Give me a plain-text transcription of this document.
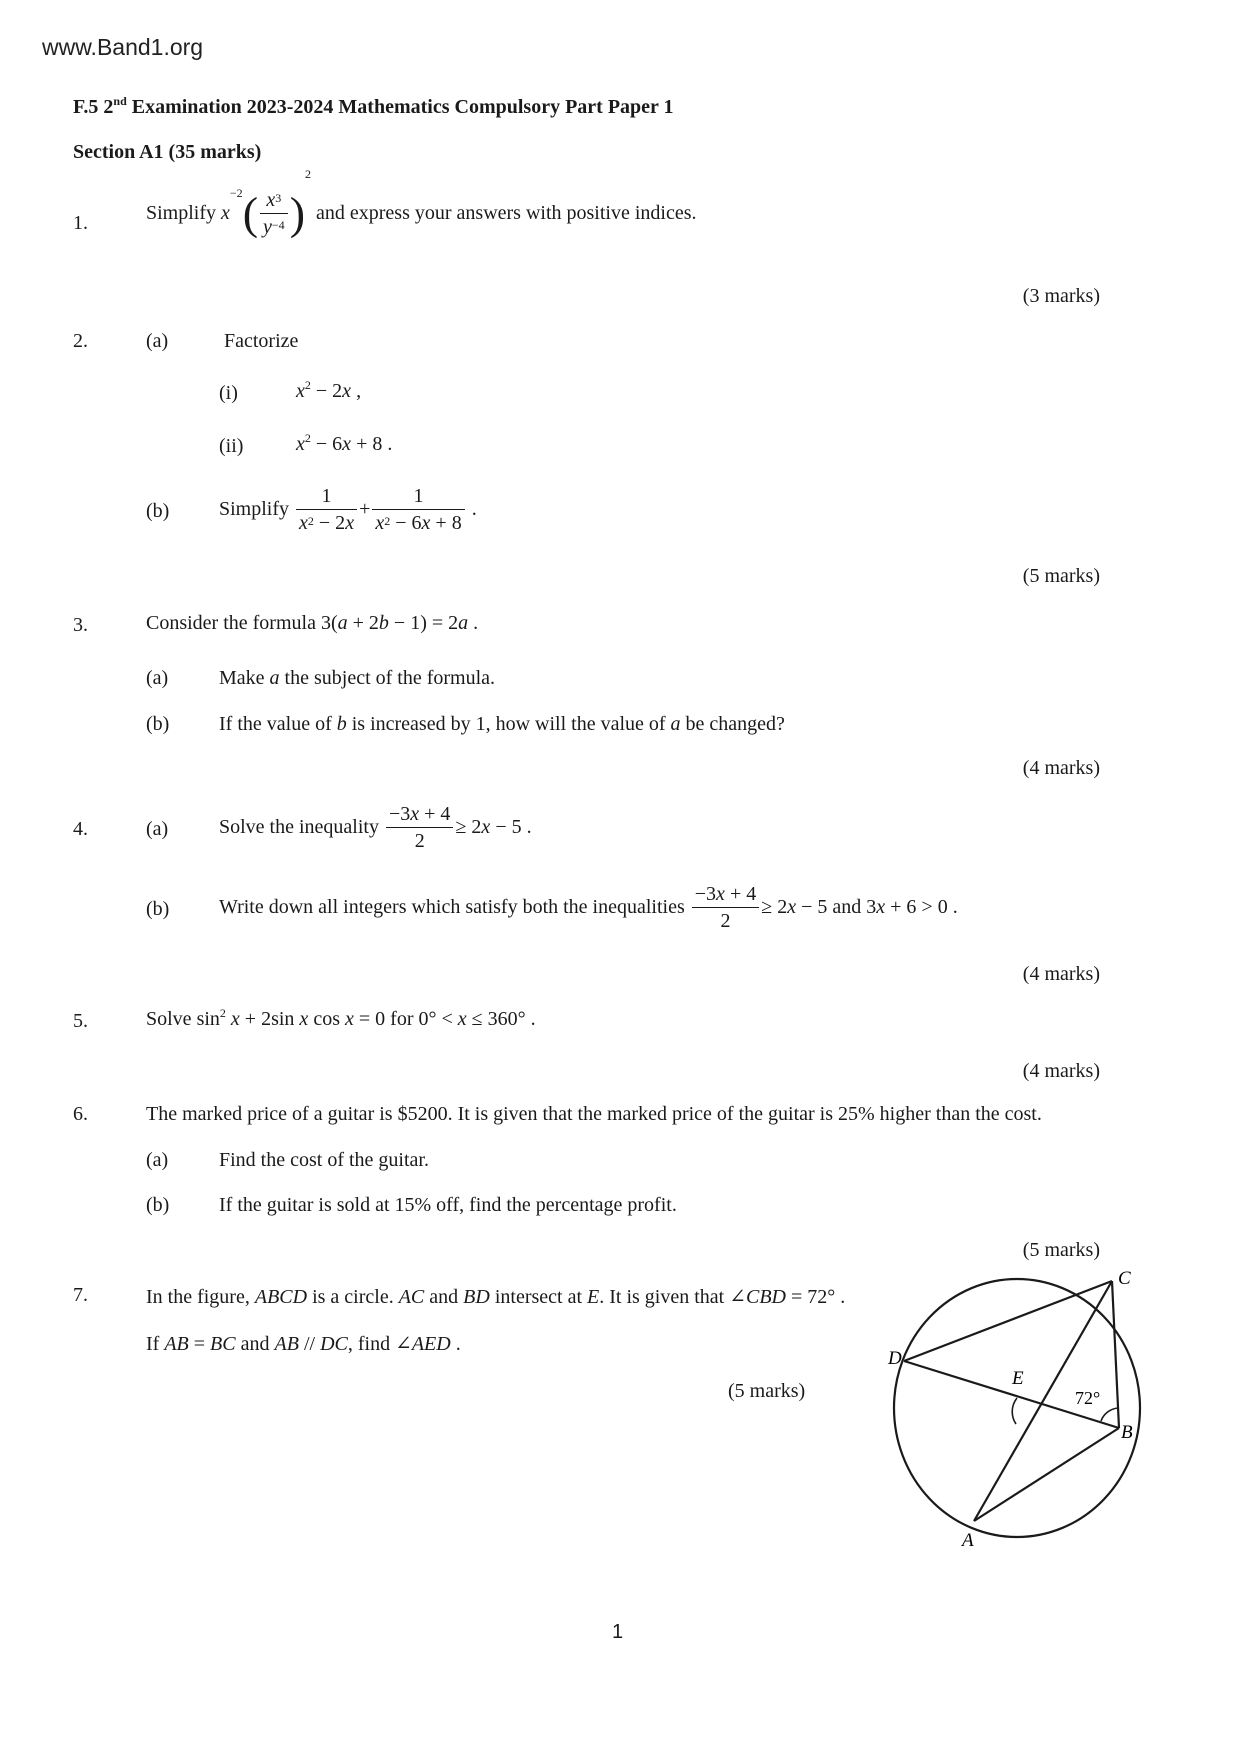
www.Band1.org
F.5 2nd Examination 2023-2024 Mathematics Compulsory Part Paper 1
Section A1 (35 marks)
1.	Simplify $x^{-2}( \frac{x^3}{y^{-4}} )^2$ and express your answers with positive indices.
(3 marks)
2.	(a)	Factorize
(i)	$x^2 - 2x$ ,
(ii)	$x^2 - 6x + 8$ .
(b) Simplify $\frac{1}{x^2 - 2x} + \frac{1}{x^2 - 6x + 8}$ .
(5 marks)
3.	Consider the formula 3(a + 2b − 1) = 2a .
(a)	Make a the subject of the formula.
(b) If the value of b is increased by 1, how will the value of a be changed?
(4 marks)
4.	(a)	Solve the inequality $\frac{-3x + 4}{2} \ge 2x - 5$ .
(b) Write down all integers which satisfy both the inequalities $\frac{-3x + 4}{2} \ge 2x - 5$ and 3x + 6 > 0 .
(4 marks)
5.	Solve $\sin^2 x + 2\sin$ x cos x = 0 for 0° < x ≤ 360° .
(4 marks)
6.	The marked price of a guitar is $5200. It is given that the marked price of the guitar is 25% higher than the cost.
(a)	Find the cost of the guitar.
(b) If the guitar is sold at 15% off, find the percentage profit.
(5 marks)
7.	In the figure, ABCD is a circle. AC and BD intersect at E. It is given that ∠CBD = 72° .
If AB = BC and AB // DC, find ∠AED .
(5 marks)
C
D
E
B
A
72°
1
